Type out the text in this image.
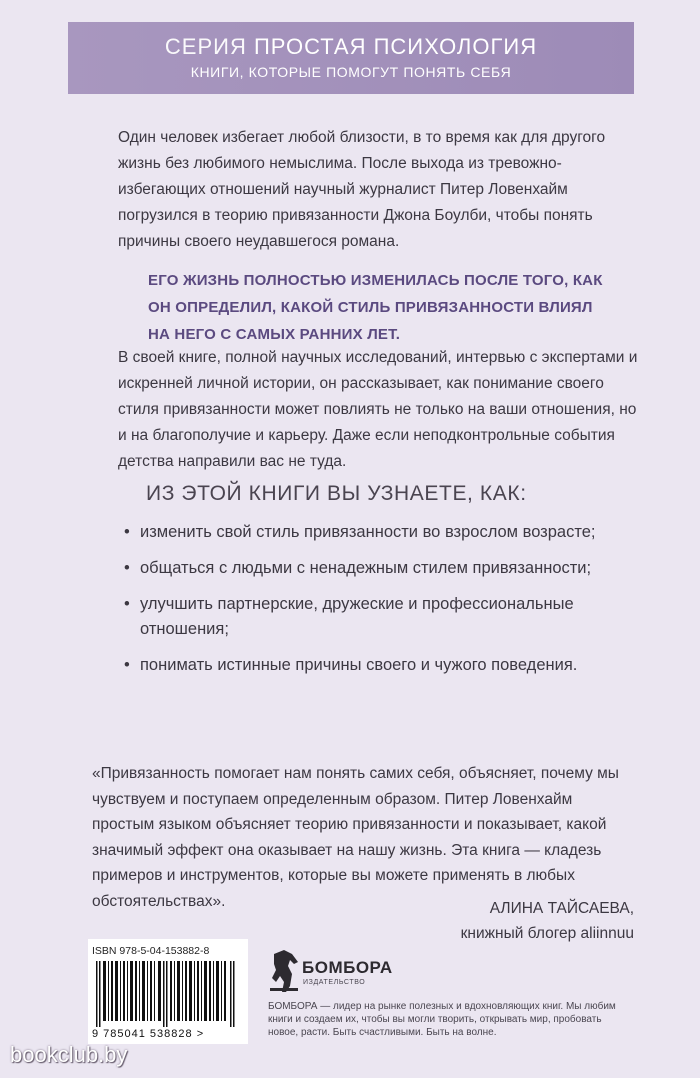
СЕРИЯ ПРОСТАЯ ПСИХОЛОГИЯ
КНИГИ, КОТОРЫЕ ПОМОГУТ ПОНЯТЬ СЕБЯ
Один человек избегает любой близости, в то время как для другого жизнь без любимого немыслима. После выхода из тревожно-избегающих отношений научный журналист Питер Ловенхайм погрузился в теорию привязанности Джона Боулби, чтобы понять причины своего неудавшегося романа.
ЕГО ЖИЗНЬ ПОЛНОСТЬЮ ИЗМЕНИЛАСЬ ПОСЛЕ ТОГО, КАК ОН ОПРЕДЕЛИЛ, КАКОЙ СТИЛЬ ПРИВЯЗАННОСТИ ВЛИЯЛ НА НЕГО С САМЫХ РАННИХ ЛЕТ.
В своей книге, полной научных исследований, интервью с экспертами и искренней личной истории, он рассказывает, как понимание своего стиля привязанности может повлиять не только на ваши отношения, но и на благополучие и карьеру. Даже если неподконтрольные события детства направили вас не туда.
ИЗ ЭТОЙ КНИГИ ВЫ УЗНАЕТЕ, КАК:
• изменить свой стиль привязанности во взрослом возрасте;
• общаться с людьми с ненадежным стилем привязанности;
• улучшить партнерские, дружеские и профессиональные отношения;
• понимать истинные причины своего и чужого поведения.
«Привязанность помогает нам понять самих себя, объясняет, почему мы чувствуем и поступаем определенным образом. Питер Ловенхайм простым языком объясняет теорию привязанности и показывает, какой значимый эффект она оказывает на нашу жизнь. Эта книга — кладезь примеров и инструментов, которые вы можете применять в любых обстоятельствах».	АЛИНА ТАЙСАЕВА,
книжный блогер aliinnuu
ISBN 978-5-04-153882-8
9 785041 538828 >
БОМБОРА
ИЗДАТЕЛЬСТВО
БОМБОРА — лидер на рынке полезных и вдохновляющих книг. Мы любим книги и создаем их, чтобы вы могли творить, открывать мир, пробовать новое, расти. Быть счастливыми. Быть на волне.
bookclub.by
